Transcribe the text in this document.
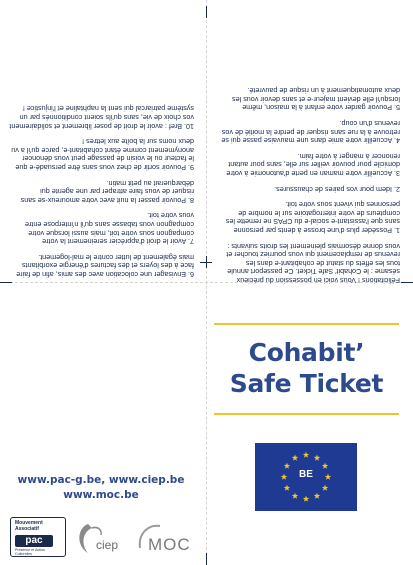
Félicitations ! Vous voici en possession du précieux sésame : le Cohabit' Safe Ticket. Ce passeport annule tous les effets du statut de cohabitant-e dans les revenus de remplacement qui vous pourriez toucher et vous donne désormais pleinement les droits suivants :

1. Posséder plus d'une brosse à dents par personne sans que l'assistant-e social-e du CPAS ne remette les compteurs de votre interrogatoire sur le nombre de personnes qui vivent sous votre toit.
2. Idem pour vos paires de chaussures.
3. Accueillir votre maman en perte d'autonomie à votre domicile pour pouvoir veiller sur elle, sans pour autant renoncer à manger à votre faim.
4. Accueillir votre amie dans une mauvaise passe qui se retrouve à la rue sans risquer de perdre la moitié de vos revenus d'un coup.
5. Pouvoir garder votre enfant à la maison, même lorsqu'il elle devient majeur-e et sans devoir vous les deux automatiquement à un risque de pauvreté.
6. Envisager une colocation avec des amis, afin de faire face à des loyers et des factures d'énergie exorbitants mais également de lutter contre le mal-logement.
7. Avoir le droit d'apprécier sereinement la votre compagnon sous votre toit, mais aussi lorsque votre compagnon vous tabasse sans qu'il n'interpose entre vous votre toit.
8. Pouvoir passer la nuit avec votre amoureux-se sans risquer de vous faire attraper par une agente qui débarquerait au petit matin.
9. Pouvoir sortir de chez vous sans être persuadé-e que le facteur ou le voisin de passage peut vous dénoncer anonymement comme étant cohabitant-e, parce qu'il a vu deux noms sur la boîte aux lettres !
10. Bref : avoir le droit de poser librement et solidairement vos choix de vie, sans qu'ils soient conditionnés par un système patriarcal qui sent la naphtaline et l'injustice !
Cohabit’
Safe Ticket
BE
www.pac-g.be, www.ciep.be
www.moc.be
Mouvement
Associatif
pac
Présence et Action Culturelles
ciep MOC
